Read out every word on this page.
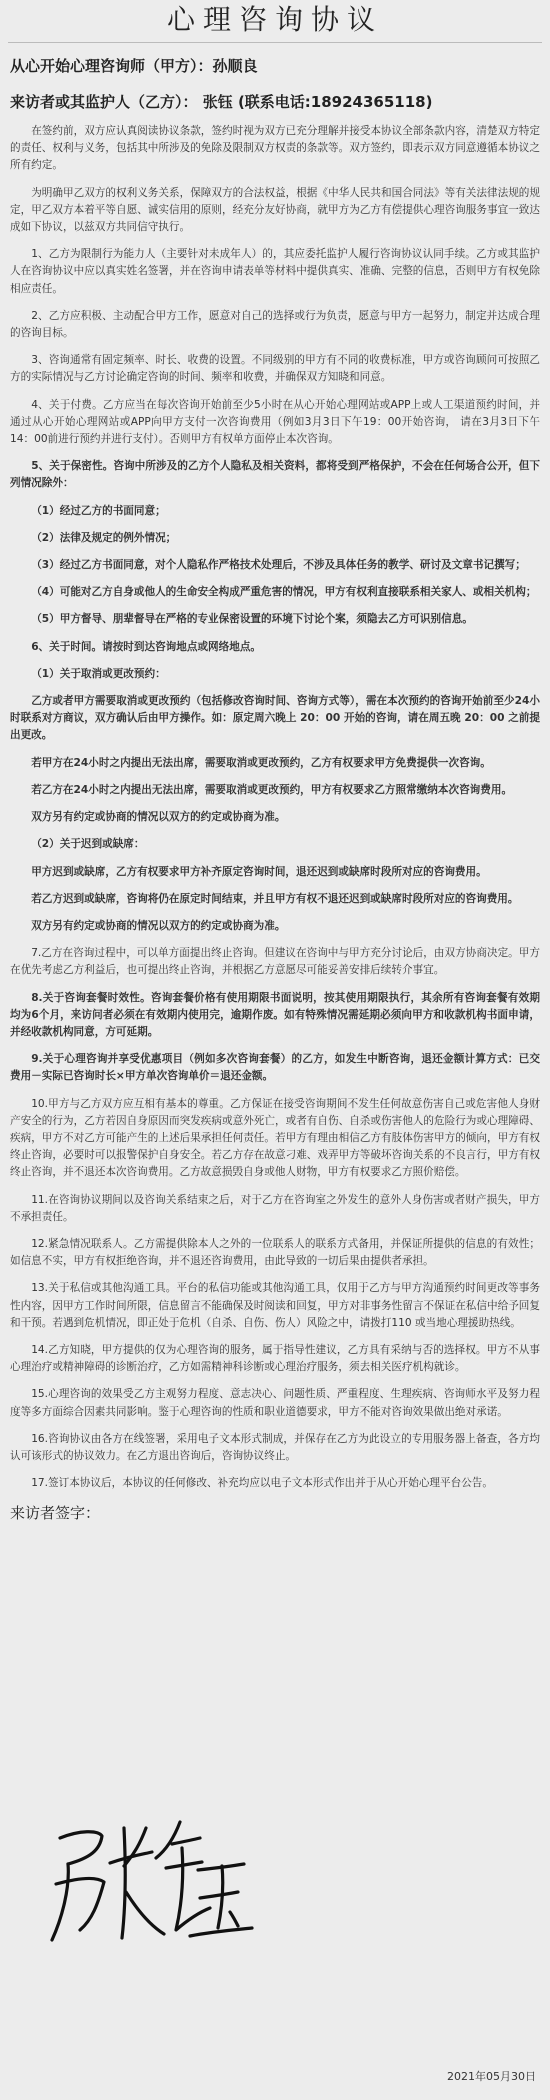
心理咨询协议
从心开始心理咨询师（甲方）：孙顺良
来访者或其监护人（乙方）： 张钰 (联系电话:18924365118)

在签约前，双方应认真阅读协议条款，签约时视为双方已充分理解并接受本协议全部条款内容，清楚双方特定的责任、权利与义务，包括其中所涉及的免除及限制双方权责的条款等。双方签约，即表示双方同意遵循本协议之所有约定。

为明确甲乙双方的权利义务关系，保障双方的合法权益，根据《中华人民共和国合同法》等有关法律法规的规定，甲乙双方本着平等自愿、诚实信用的原则，经充分友好协商，就甲方为乙方有偿提供心理咨询服务事宜一致达成如下协议，以兹双方共同信守执行。

1、乙方为限制行为能力人（主要针对未成年人）的，其应委托监护人履行咨询协议认同手续。乙方或其监护人在咨询协议中应以真实姓名签署，并在咨询申请表单等材料中提供真实、准确、完整的信息，否则甲方有权免除相应责任。

2、乙方应积极、主动配合甲方工作，愿意对自己的选择或行为负责，愿意与甲方一起努力，制定并达成合理的咨询目标。

3、咨询通常有固定频率、时长、收费的设置。不同级别的甲方有不同的收费标准，甲方或咨询顾问可按照乙方的实际情况与乙方讨论确定咨询的时间、频率和收费，并确保双方知晓和同意。

4、关于付费。乙方应当在每次咨询开始前至少5小时在从心开始心理网站或APP上或人工渠道预约时间，并通过从心开始心理网站或APP向甲方支付一次咨询费用（例如3月3日下午19：00开始咨询， 请在3月3日下午14：00前进行预约并进行支付）。否则甲方有权单方面停止本次咨询。

5、关于保密性。咨询中所涉及的乙方个人隐私及相关资料，都将受到严格保护，不会在任何场合公开，但下列情况除外：

（1）经过乙方的书面同意；

（2）法律及规定的例外情况；

（3）经过乙方书面同意，对个人隐私作严格技术处理后，不涉及具体任务的教学、研讨及文章书记撰写；

（4）可能对乙方自身或他人的生命安全构成严重危害的情况，甲方有权利直接联系相关家人、或相关机构；

（5）甲方督导、朋辈督导在严格的专业保密设置的环境下讨论个案，须隐去乙方可识别信息。

6、关于时间。请按时到达咨询地点或网络地点。

（1）关于取消或更改预约：

乙方或者甲方需要取消或更改预约（包括修改咨询时间、咨询方式等），需在本次预约的咨询开始前至少24小时联系对方商议，双方确认后由甲方操作。如：原定周六晚上 20：00 开始的咨询，请在周五晚 20：00 之前提出更改。

若甲方在24小时之内提出无法出席，需要取消或更改预约，乙方有权要求甲方免费提供一次咨询。

若乙方在24小时之内提出无法出席，需要取消或更改预约，甲方有权要求乙方照常缴纳本次咨询费用。

双方另有约定或协商的情况以双方的约定或协商为准。

（2）关于迟到或缺席：

甲方迟到或缺席，乙方有权要求甲方补齐原定咨询时间，退还迟到或缺席时段所对应的咨询费用。

若乙方迟到或缺席，咨询将仍在原定时间结束，并且甲方有权不退还迟到或缺席时段所对应的咨询费用。

双方另有约定或协商的情况以双方的约定或协商为准。

7.乙方在咨询过程中，可以单方面提出终止咨询。但建议在咨询中与甲方充分讨论后，由双方协商决定。甲方在优先考虑乙方利益后，也可提出终止咨询，并根据乙方意愿尽可能妥善安排后续转介事宜。

8.关于咨询套餐时效性。咨询套餐价格有使用期限书面说明，按其使用期限执行，其余所有咨询套餐有效期均为6个月，来访问者必须在有效期内使用完，逾期作废。如有特殊情况需延期必须向甲方和收款机构书面申请，并经收款机构同意，方可延期。

9.关于心理咨询并享受优惠项目（例如多次咨询套餐）的乙方，如发生中断咨询，退还金额计算方式：已交费用－实际已咨询时长×甲方单次咨询单价＝退还金额。

10.甲方与乙方双方应互相有基本的尊重。乙方保证在接受咨询期间不发生任何故意伤害自己或危害他人身财产安全的行为，乙方若因自身原因而突发疾病或意外死亡，或者有自伤、自杀或伤害他人的危险行为或心理障碍、疾病，甲方不对乙方可能产生的上述后果承担任何责任。若甲方有理由相信乙方有肢体伤害甲方的倾向，甲方有权终止咨询，必要时可以报警保护自身安全。若乙方存在故意刁难、戏弄甲方等破坏咨询关系的不良言行，甲方有权终止咨询，并不退还本次咨询费用。乙方故意损毁自身或他人财物，甲方有权要求乙方照价赔偿。

11.在咨询协议期间以及咨询关系结束之后，对于乙方在咨询室之外发生的意外人身伤害或者财产损失，甲方不承担责任。

12.紧急情况联系人。乙方需提供除本人之外的一位联系人的联系方式备用，并保证所提供的信息的有效性；如信息不实，甲方有权拒绝咨询，并不退还咨询费用，由此导致的一切后果由提供者承担。

13.关于私信或其他沟通工具。平台的私信功能或其他沟通工具，仅用于乙方与甲方沟通预约时间更改等事务性内容，因甲方工作时间所限，信息留言不能确保及时阅读和回复，甲方对非事务性留言不保证在私信中给予回复和干预。若遇到危机情况，即正处于危机（自杀、自伤、伤人）风险之中，请拨打110 或当地心理援助热线。

14.乙方知晓，甲方提供的仅为心理咨询的服务，属于指导性建议，乙方具有采纳与否的选择权。甲方不从事心理治疗或精神障碍的诊断治疗，乙方如需精神科诊断或心理治疗服务，须去相关医疗机构就诊。

15.心理咨询的效果受乙方主观努力程度、意志决心、问题性质、严重程度、生理疾病、咨询师水平及努力程度等多方面综合因素共同影响。鉴于心理咨询的性质和职业道德要求，甲方不能对咨询效果做出绝对承诺。

16.咨询协议由各方在线签署，采用电子文本形式制成，并保存在乙方为此设立的专用服务器上备查，各方均认可该形式的协议效力。在乙方退出咨询后，咨询协议终止。

17.签订本协议后，本协议的任何修改、补充均应以电子文本形式作出并于从心开始心理平台公告。

来访者签字：
2021年05月30日
